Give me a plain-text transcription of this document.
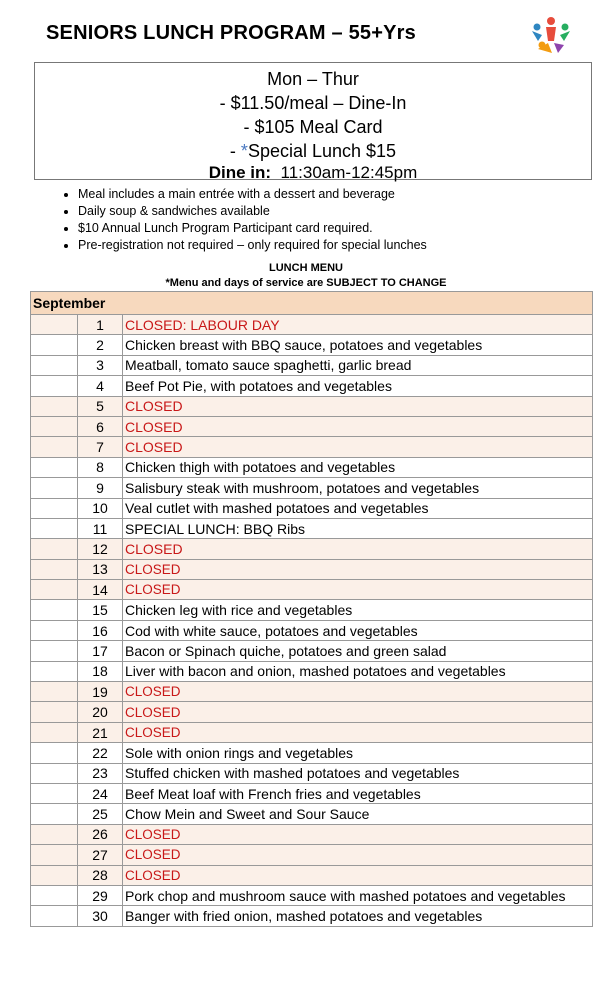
SENIORS LUNCH PROGRAM – 55+Yrs
Mon – Thur
- $11.50/meal – Dine-In
- $105 Meal Card
- *Special Lunch $15
Dine in: 11:30am-12:45pm
• Meal includes a main entrée with a dessert and beverage
• Daily soup & sandwiches available
• $10 Annual Lunch Program Participant card required.
• Pre-registration not required – only required for special lunches
LUNCH MENU
*Menu and days of service are SUBJECT TO CHANGE
September		
	1	CLOSED: LABOUR DAY
	2	Chicken breast with BBQ sauce, potatoes and vegetables
	3	Meatball, tomato sauce spaghetti, garlic bread
	4	Beef Pot Pie, with potatoes and vegetables
	5	CLOSED
	6	CLOSED
	7	CLOSED
	8	Chicken thigh with potatoes and vegetables
	9	Salisbury steak with mushroom, potatoes and vegetables
	10	Veal cutlet with mashed potatoes and vegetables
	11	SPECIAL LUNCH: BBQ Ribs
	12	CLOSED
	13	CLOSED
	14	CLOSED
	15	Chicken leg with rice and vegetables
	16	Cod with white sauce, potatoes and vegetables
	17	Bacon or Spinach quiche, potatoes and green salad
	18	Liver with bacon and onion, mashed potatoes and vegetables
	19	CLOSED
	20	CLOSED
	21	CLOSED
	22	Sole with onion rings and vegetables
	23	Stuffed chicken with mashed potatoes and vegetables
	24	Beef Meat loaf with French fries and vegetables
	25	Chow Mein and Sweet and Sour Sauce
	26	CLOSED
	27	CLOSED
	28	CLOSED
	29	Pork chop and mushroom sauce with mashed potatoes and vegetables
	30	Banger with fried onion, mashed potatoes and vegetables
